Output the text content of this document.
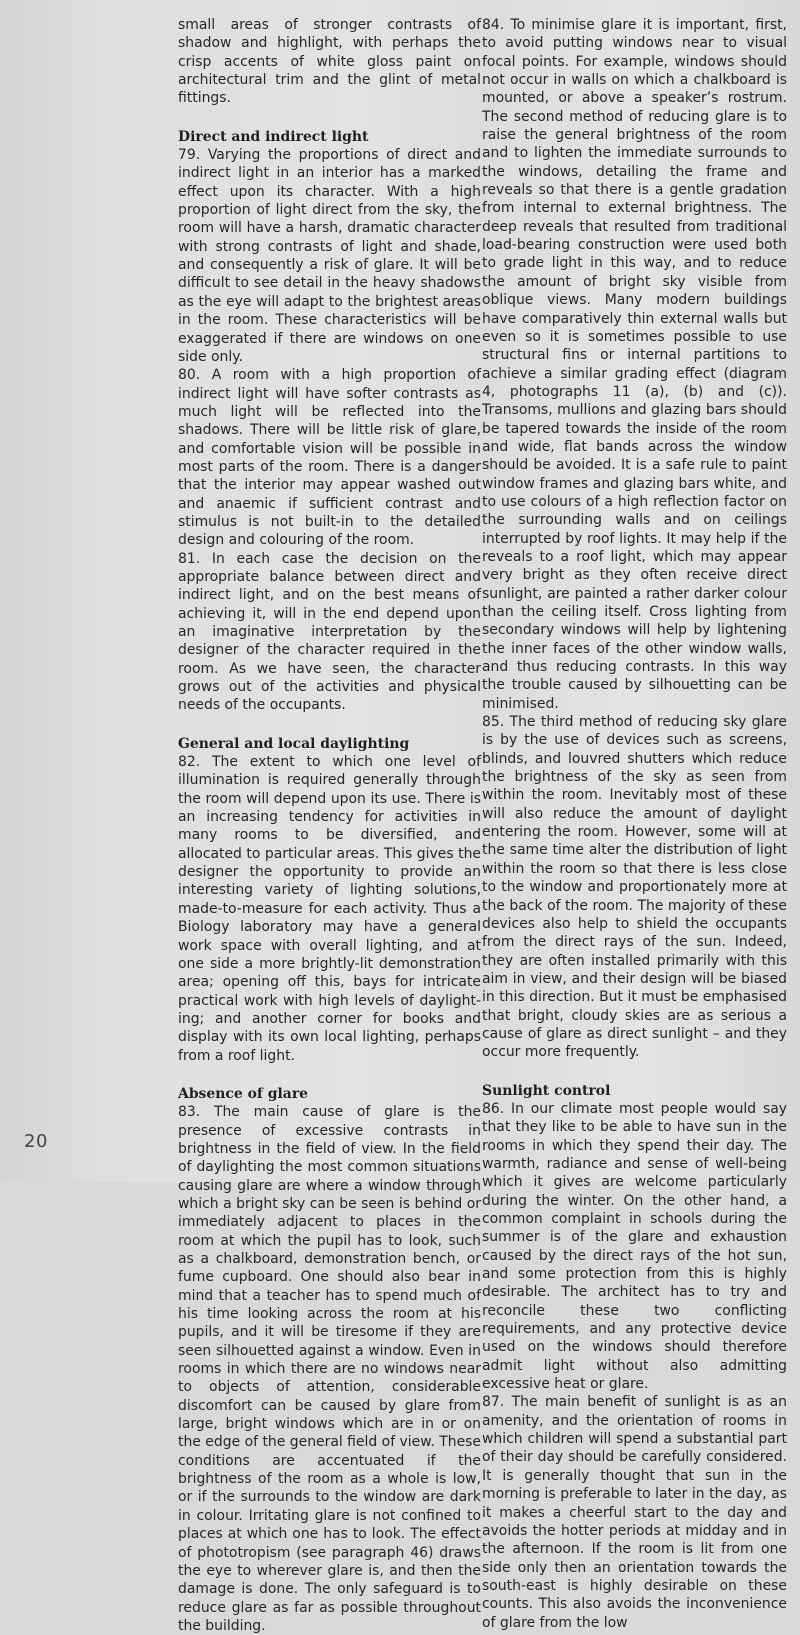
20

small areas of stronger contrasts of shadow and highlight, with perhaps the crisp accents of white gloss paint on architectural trim and the glint of metal fittings.

Direct and indirect light

79. Varying the proportions of direct and indirect light in an interior has a marked effect upon its character. With a high proportion of light direct from the sky, the room will have a harsh, dramatic character with strong contrasts of light and shade, and consequently a risk of glare. It will be difficult to see detail in the heavy shadows as the eye will adapt to the brightest areas in the room. These characteristics will be exaggerated if there are windows on one side only.

80. A room with a high proportion of indirect light will have softer contrasts as much light will be reflected into the shadows. There will be little risk of glare, and comfortable vision will be possible in most parts of the room. There is a danger that the interior may appear washed out and anaemic if sufficient contrast and stimulus is not built-in to the detailed design and colouring of the room.

81. In each case the decision on the appropriate balance between direct and indirect light, and on the best means of achieving it, will in the end depend upon an imaginative interpretation by the designer of the character required in the room. As we have seen, the character grows out of the activities and physical needs of the occupants.

General and local daylighting

82. The extent to which one level of illumination is required generally through the room will depend upon its use. There is an increasing tendency for activities in many rooms to be diversified, and allocated to particular areas. This gives the designer the opportunity to provide an interesting variety of lighting solutions, made-to-measure for each activity. Thus a Biology laboratory may have a general work space with overall lighting, and at one side a more brightly-lit demonstration area; opening off this, bays for intricate practical work with high levels of daylighting; and another corner for books and display with its own local lighting, perhaps from a roof light.

Absence of glare

83. The main cause of glare is the presence of excessive contrasts in brightness in the field of view. In the field of daylighting the most common situations causing glare are where a window through which a bright sky can be seen is behind or immediately adjacent to places in the room at which the pupil has to look, such as a chalkboard, demonstration bench, or fume cupboard. One should also bear in mind that a teacher has to spend much of his time looking across the room at his pupils, and it will be tiresome if they are seen silhouetted against a window. Even in rooms in which there are no windows near to objects of attention, considerable discomfort can be caused by glare from large, bright windows which are in or on the edge of the general field of view. These conditions are accentuated if the brightness of the room as a whole is low, or if the surrounds to the window are dark in colour. Irritating glare is not confined to places at which one has to look. The effect of phototropism (see paragraph 46) draws the eye to wherever glare is, and then the damage is done. The only safeguard is to reduce glare as far as possible throughout the building.

84. To minimise glare it is important, first, to avoid putting windows near to visual focal points. For example, windows should not occur in walls on which a chalkboard is mounted, or above a speaker’s rostrum. The second method of reducing glare is to raise the general brightness of the room and to lighten the immediate surrounds to the windows, detailing the frame and reveals so that there is a gentle gradation from internal to external brightness. The deep reveals that resulted from traditional load-bearing construction were used both to grade light in this way, and to reduce the amount of bright sky visible from oblique views. Many modern buildings have comparatively thin external walls but even so it is sometimes possible to use structural fins or internal partitions to achieve a similar grading effect (diagram 4, photographs 11 (a), (b) and (c)). Transoms, mullions and glazing bars should be tapered towards the inside of the room and wide, flat bands across the window should be avoided. It is a safe rule to paint window frames and glazing bars white, and to use colours of a high reflection factor on the surrounding walls and on ceilings interrupted by roof lights. It may help if the reveals to a roof light, which may appear very bright as they often receive direct sunlight, are painted a rather darker colour than the ceiling itself. Cross lighting from secondary windows will help by lightening the inner faces of the other window walls, and thus reducing contrasts. In this way the trouble caused by silhouetting can be minimised.

85. The third method of reducing sky glare is by the use of devices such as screens, blinds, and louvred shutters which reduce the brightness of the sky as seen from within the room. Inevitably most of these will also reduce the amount of daylight entering the room. However, some will at the same time alter the distribution of light within the room so that there is less close to the window and proportionately more at the back of the room. The majority of these devices also help to shield the occupants from the direct rays of the sun. Indeed, they are often installed primarily with this aim in view, and their design will be biased in this direction. But it must be emphasised that bright, cloudy skies are as serious a cause of glare as direct sunlight – and they occur more frequently.

Sunlight control

86. In our climate most people would say that they like to be able to have sun in the rooms in which they spend their day. The warmth, radiance and sense of well-being which it gives are welcome particularly during the winter. On the other hand, a common complaint in schools during the summer is of the glare and exhaustion caused by the direct rays of the hot sun, and some protection from this is highly desirable. The architect has to try and reconcile these two conflicting requirements, and any protective device used on the windows should therefore admit light without also admitting excessive heat or glare.

87. The main benefit of sunlight is as an amenity, and the orientation of rooms in which children will spend a substantial part of their day should be carefully considered. It is generally thought that sun in the morning is preferable to later in the day, as it makes a cheerful start to the day and avoids the hotter periods at midday and in the afternoon. If the room is lit from one side only then an orientation towards the south-east is highly desirable on these counts. This also avoids the inconvenience of glare from the low
